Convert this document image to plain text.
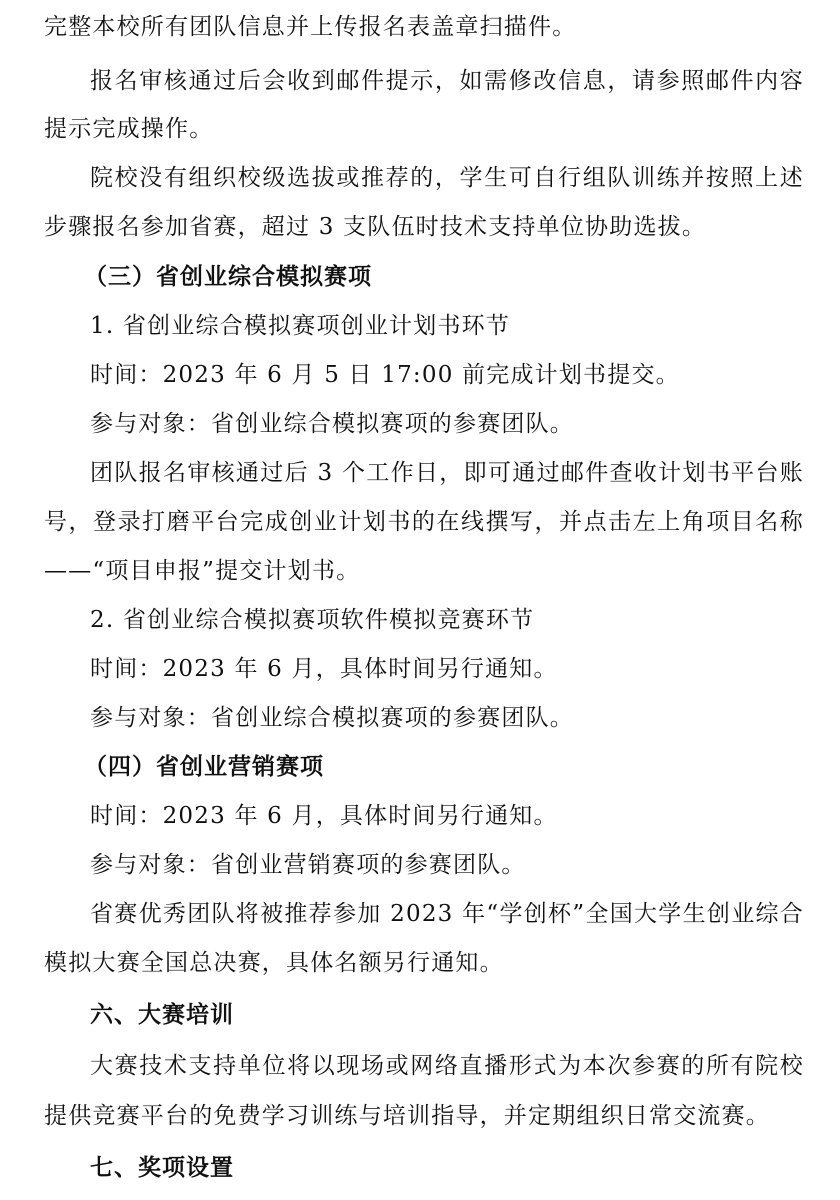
完整本校所有团队信息并上传报名表盖章扫描件。
报名审核通过后会收到邮件提示，如需修改信息，请参照邮件内容
提示完成操作。
院校没有组织校级选拔或推荐的，学生可自行组队训练并按照上述
步骤报名参加省赛，超过 3 支队伍时技术支持单位协助选拔。
（三）省创业综合模拟赛项
1. 省创业综合模拟赛项创业计划书环节
时间：2023 年 6 月 5 日 17:00 前完成计划书提交。
参与对象：省创业综合模拟赛项的参赛团队。
团队报名审核通过后 3 个工作日，即可通过邮件查收计划书平台账
号，登录打磨平台完成创业计划书的在线撰写，并点击左上角项目名称
——“项目申报”提交计划书。
2. 省创业综合模拟赛项软件模拟竞赛环节
时间：2023 年 6 月，具体时间另行通知。
参与对象：省创业综合模拟赛项的参赛团队。
（四）省创业营销赛项
时间：2023 年 6 月，具体时间另行通知。
参与对象：省创业营销赛项的参赛团队。
省赛优秀团队将被推荐参加 2023 年“学创杯”全国大学生创业综合
模拟大赛全国总决赛，具体名额另行通知。
六、大赛培训
大赛技术支持单位将以现场或网络直播形式为本次参赛的所有院校
提供竞赛平台的免费学习训练与培训指导，并定期组织日常交流赛。
七、奖项设置
